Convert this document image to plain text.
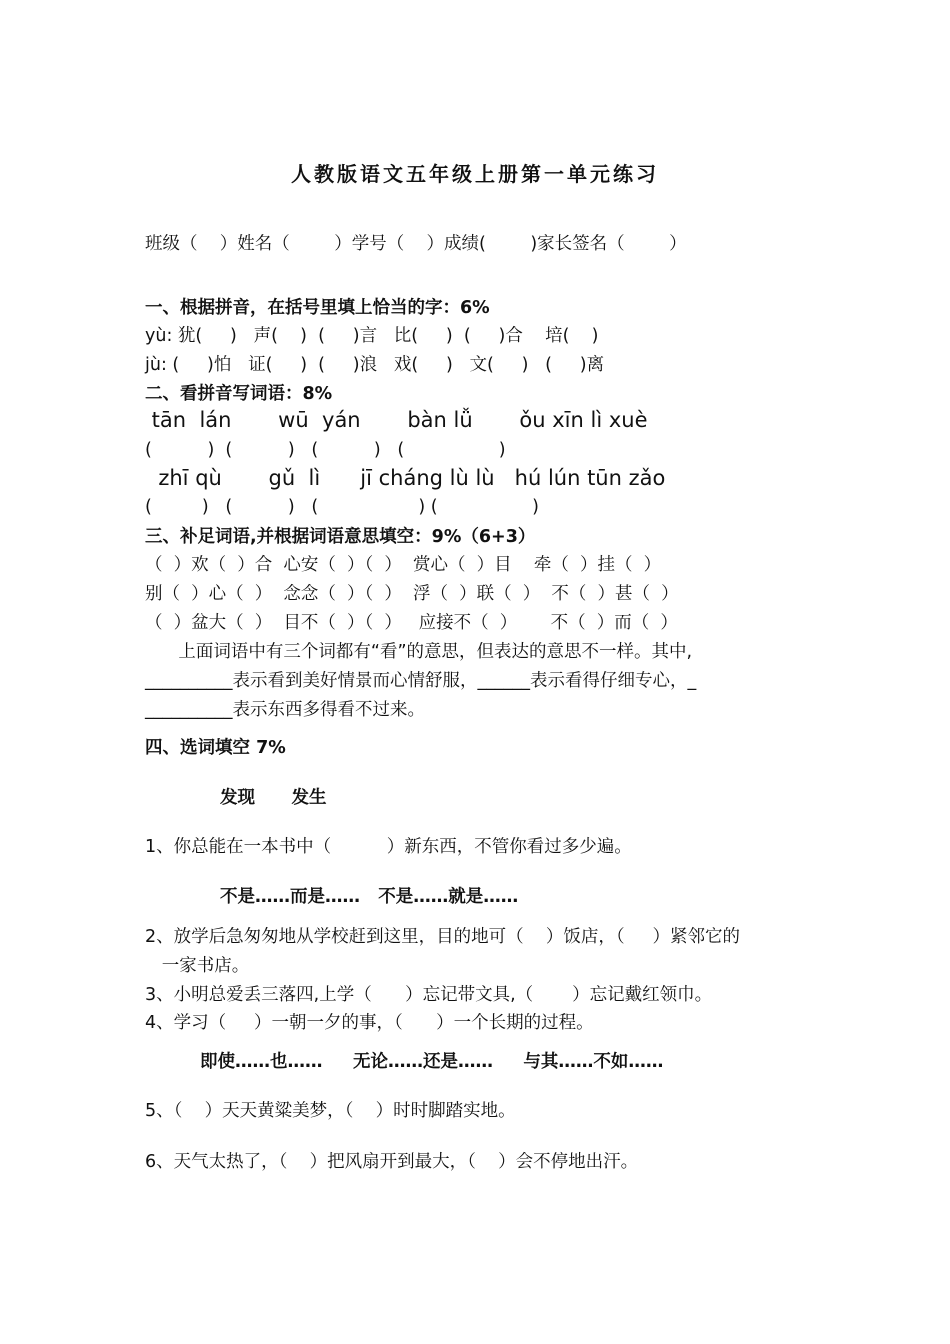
人教版语文五年级上册第一单元练习
班级（    ）姓名（        ）学号（    ）成绩(        )家长签名（        ）
一、根据拼音，在括号里填上恰当的字：6%
yù: 犹(     )   声(    )  (     )言   比(     )  (     )合    培(    )
jù: (     )怕   证(     )  (     )浪   戏(     )   文(     )   (     )离
二、看拼音写词语：8%
tān  lán       wū  yán       bàn lǚ       ǒu xīn lì xuè
(          )  (          )   (          )   (                 )
zhī qù       gǔ  lì      jī cháng lù lù   hú lún tūn zǎo
(         )   (          )   (                  ) (                 )
三、补足词语,并根据词语意思填空：9%（6+3）
（  ）欢（  ）合  心安（  ）（  ）  赏心（  ）目    牵（  ）挂（  ）
别（  ）心（  ）  念念（  ）（  ）  浮（  ）联（  ）  不（  ）甚（  ）
（  ）盆大（  ）  目不（  ）（  ）   应接不（  ）      不（  ）而（  ）
上面词语中有三个词都有“看”的意思，但表达的意思不一样。其中,
__________表示看到美好情景而心情舒服，______表示看得仔细专心，_
__________表示东西多得看不过来。
四、选词填空 7%
发现      发生
1、你总能在一本书中（          ）新东西，不管你看过多少遍。
不是……而是……   不是……就是……
2、放学后急匆匆地从学校赶到这里，目的地可（    ）饭店，（     ）紧邻它的
一家书店。
3、小明总爱丢三落四,上学（      ）忘记带文具,（       ）忘记戴红领巾。
4、学习（     ）一朝一夕的事，（      ）一个长期的过程。
即使……也……     无论……还是……     与其……不如……
5、（    ）天天黄粱美梦，（    ）时时脚踏实地。
6、天气太热了，（    ）把风扇开到最大，（    ）会不停地出汗。
